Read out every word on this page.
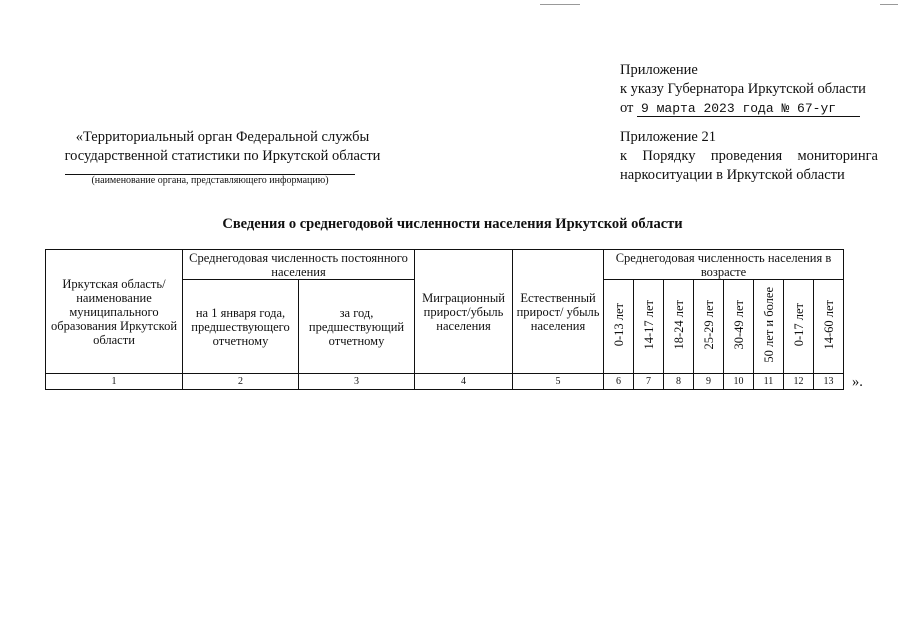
Приложение
к указу Губернатора Иркутской области
от 9 марта 2023 года № 67-уг
Приложение 21
к Порядку проведения мониторинга
наркоситуации в Иркутской области
«Территориальный орган Федеральной службы
государственной статистики по Иркутской области
(наименование органа, представляющего информацию)
Сведения о среднегодовой численности населения Иркутской области
Иркутская область/ наименование муниципального образования Иркутской области	Среднегодовая численность постоянного населения		Миграционный прирост/убыль населения	Естественный прирост/ убыль населения	Среднегодовая численность населения в возрасте							
	на 1 января года, предшествующего отчетному	за год, предшествующий отчетному			0-13 лет	14-17 лет	18-24 лет	25-29 лет	30-49 лет	50 лет и более	0-17 лет	14-60 лет
1	2	3	4	5	6	7	8	9	10	11	12	13 ».
